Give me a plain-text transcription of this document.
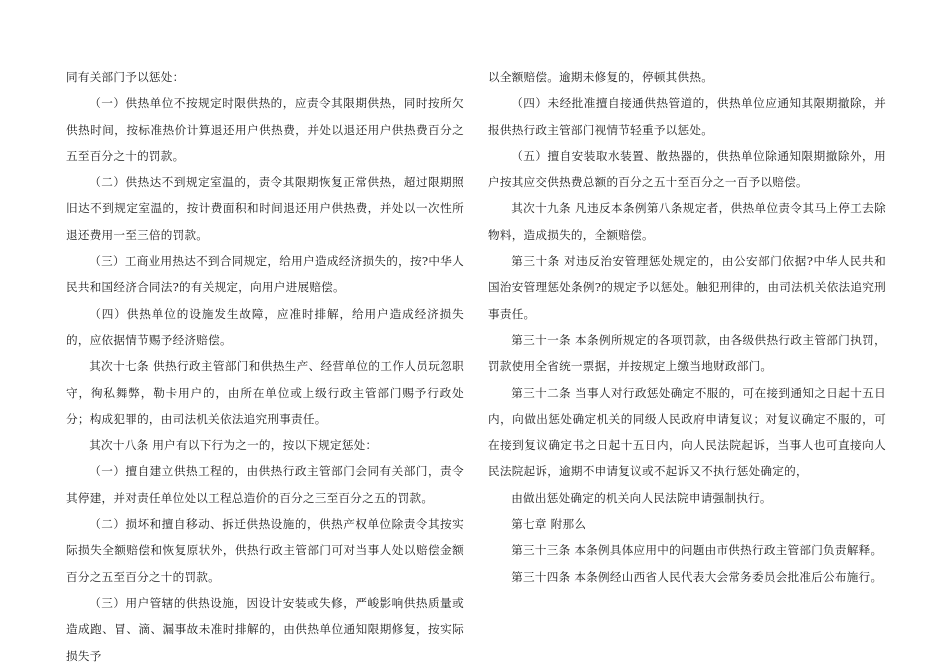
同有关部门予以惩处：

（一）供热单位不按规定时限供热的，应责令其限期供热，同时按所欠供热时间，按标准热价计算退还用户供热费，并处以退还用户供热费百分之五至百分之十的罚款。

（二）供热达不到规定室温的，责令其限期恢复正常供热，超过限期照旧达不到规定室温的，按计费面积和时间退还用户供热费，并处以一次性所退还费用一至三倍的罚款。

（三）工商业用热达不到合同规定，给用户造成经济损失的，按?中华人民共和国经济合同法?的有关规定，向用户进展赔偿。

（四）供热单位的设施发生故障，应准时排解，给用户造成经济损失的，应依据情节赐予经济赔偿。

其次十七条 供热行政主管部门和供热生产、经营单位的工作人员玩忽职守，徇私舞弊，勒卡用户的，由所在单位或上级行政主管部门赐予行政处分；构成犯罪的，由司法机关依法追究刑事责任。

其次十八条 用户有以下行为之一的，按以下规定惩处：

（一）擅自建立供热工程的，由供热行政主管部门会同有关部门，责令其停建，并对责任单位处以工程总造价的百分之三至百分之五的罚款。

（二）损坏和擅自移动、拆迁供热设施的，供热产权单位除责令其按实际损失全额赔偿和恢复原状外，供热行政主管部门可对当事人处以赔偿金额百分之五至百分之十的罚款。

（三）用户管辖的供热设施，因设计安装或失修，严峻影响供热质量或造成跑、冒、滴、漏事故未准时排解的，由供热单位通知限期修复，按实际损失予

以全额赔偿。逾期未修复的，停顿其供热。

（四）未经批准擅自接通供热管道的，供热单位应通知其限期撤除，并报供热行政主管部门视情节轻重予以惩处。

（五）擅自安装取水装置、散热器的，供热单位除通知限期撤除外，用户按其应交供热费总额的百分之五十至百分之一百予以赔偿。

其次十九条 凡违反本条例第八条规定者，供热单位责令其马上停工去除物料，造成损失的，全额赔偿。

第三十条 对违反治安管理惩处规定的，由公安部门依据?中华人民共和国治安管理惩处条例?的规定予以惩处。触犯刑律的，由司法机关依法追究刑事责任。

第三十一条 本条例所规定的各项罚款，由各级供热行政主管部门执罚，罚款使用全省统一票据，并按规定上缴当地财政部门。

第三十二条 当事人对行政惩处确定不服的，可在接到通知之日起十五日内，向做出惩处确定机关的同级人民政府申请复议；对复议确定不服的，可在接到复议确定书之日起十五日内，向人民法院起诉，当事人也可直接向人民法院起诉，逾期不申请复议或不起诉又不执行惩处确定的，

由做出惩处确定的机关向人民法院申请强制执行。

第七章 附那么

第三十三条 本条例具体应用中的问题由市供热行政主管部门负责解释。

第三十四条 本条例经山西省人民代表大会常务委员会批准后公布施行。
